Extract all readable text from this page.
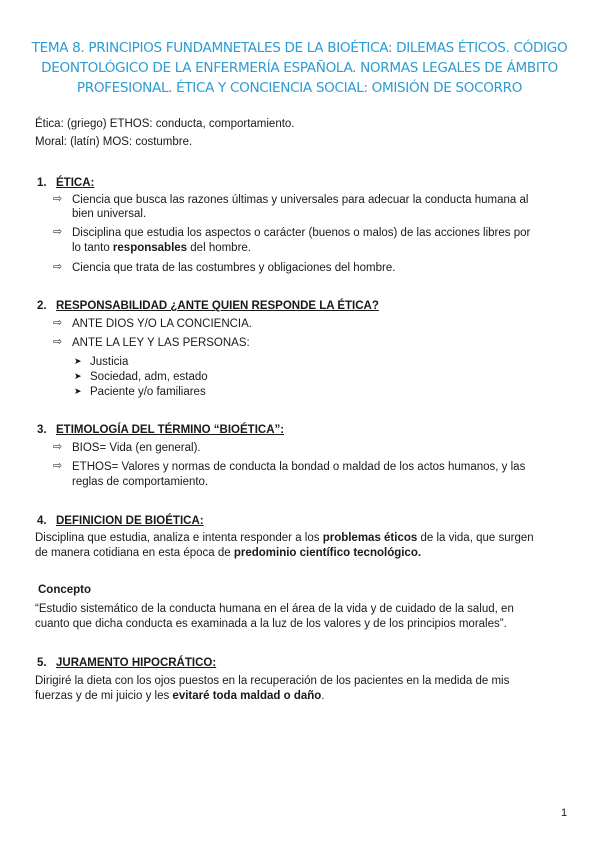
TEMA 8. PRINCIPIOS FUNDAMNETALES DE LA BIOÉTICA: DILEMAS ÉTICOS. CÓDIGO
DEONTOLÓGICO DE LA ENFERMERÍA ESPAÑOLA. NORMAS LEGALES DE ÁMBITO
PROFESIONAL. ÉTICA Y CONCIENCIA SOCIAL: OMISIÓN DE SOCORRO
Ética: (griego) ETHOS: conducta, comportamiento.
Moral: (latín) MOS: costumbre.
1. ÉTICA:
⇨ Ciencia que busca las razones últimas y universales para adecuar la conducta humana al
bien universal.
⇨ Disciplina que estudia los aspectos o carácter (buenos o malos) de las acciones libres por
lo tanto responsables del hombre.
⇨ Ciencia que trata de las costumbres y obligaciones del hombre.
2. RESPONSABILIDAD ¿ANTE QUIEN RESPONDE LA ÉTICA?
⇨ ANTE DIOS Y/O LA CONCIENCIA.
⇨ ANTE LA LEY Y LAS PERSONAS:
➤ Justicia
➤ Sociedad, adm, estado
➤ Paciente y/o familiares
3. ETIMOLOGÍA DEL TÉRMINO “BIOÉTICA”:
⇨ BIOS= Vida (en general).
⇨ ETHOS= Valores y normas de conducta la bondad o maldad de los actos humanos, y las
reglas de comportamiento.
4. DEFINICION DE BIOÉTICA:
Disciplina que estudia, analiza e intenta responder a los problemas éticos de la vida, que surgen
de manera cotidiana en esta época de predominio científico tecnológico.
Concepto
“Estudio sistemático de la conducta humana en el área de la vida y de cuidado de la salud, en
cuanto que dicha conducta es examinada a la luz de los valores y de los principios morales”.
5. JURAMENTO HIPOCRÁTICO:
Dirigiré la dieta con los ojos puestos en la recuperación de los pacientes en la medida de mis
fuerzas y de mi juicio y les evitaré toda maldad o daño.
1
